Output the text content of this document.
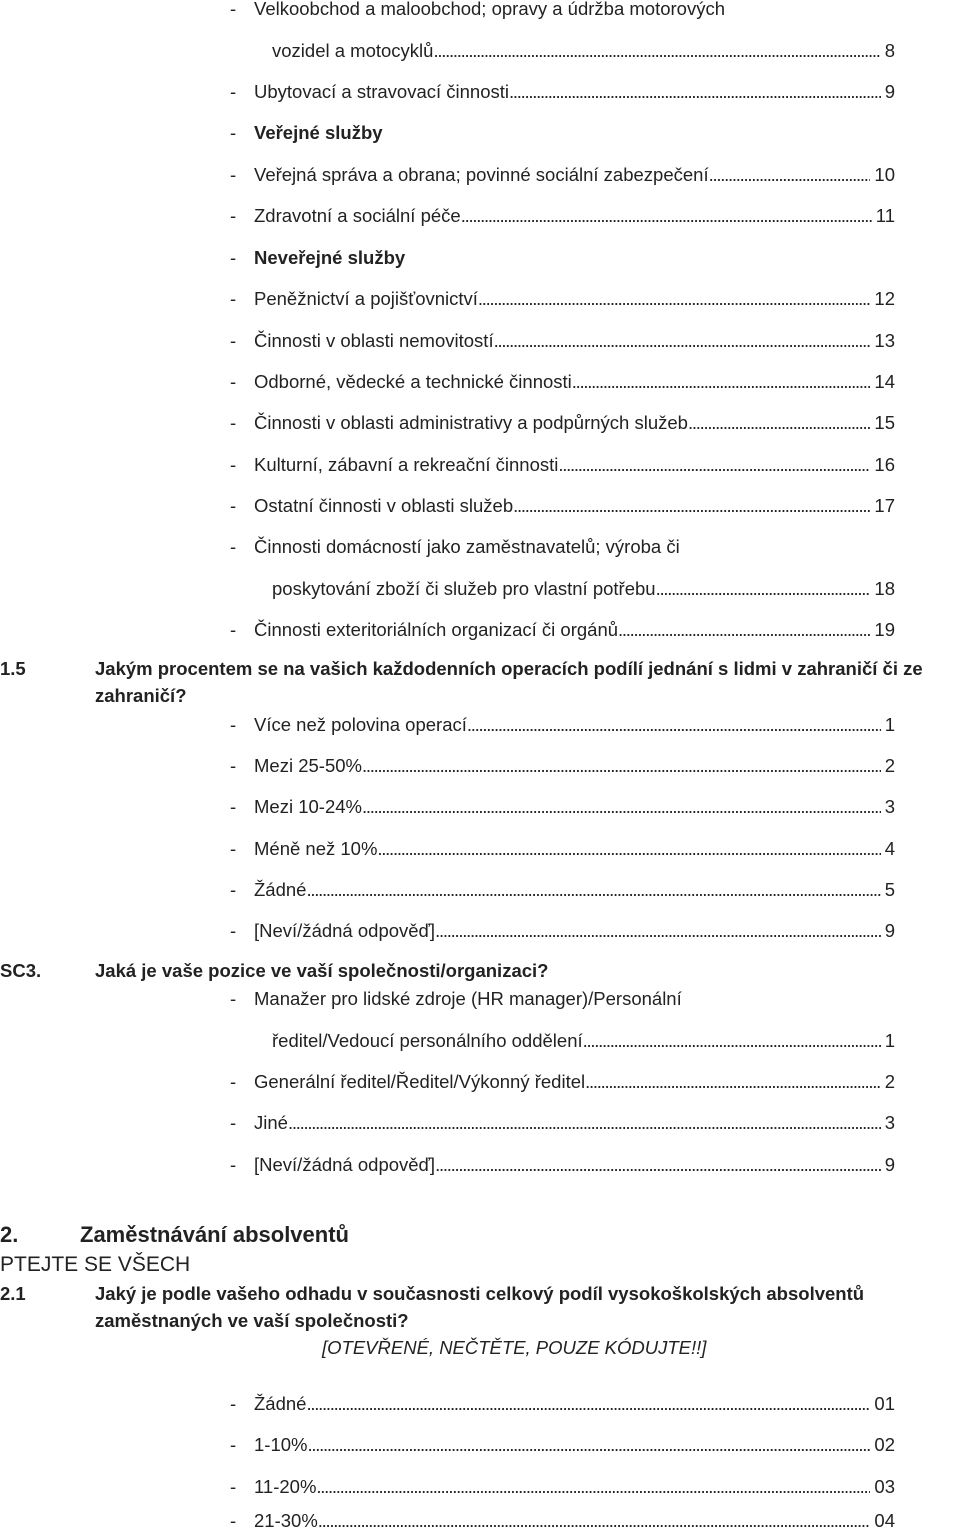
- Velkoobchod a maloobchod; opravy a údržba motorových
vozidel a motocyklů . . .	8
- Ubytovací a stravovací činnosti . . .	9
- Veřejné služby
- Veřejná správa a obrana; povinné sociální zabezpečení . . .	10
- Zdravotní a sociální péče . . .	11
- Neveřejné služby
- Peněžnictví a pojišťovnictví . . .	12
- Činnosti v oblasti nemovitostí . . .	13
- Odborné, vědecké a technické činnosti . . .	14
- Činnosti v oblasti administrativy a podpůrných služeb . . .	15
- Kulturní, zábavní a rekreační činnosti . . .	16
- Ostatní činnosti v oblasti služeb . . .	17
- Činnosti domácností jako zaměstnavatelů; výroba či
poskytování zboží či služeb pro vlastní potřebu . . .	18
- Činnosti exteritoriálních organizací či orgánů . . .	19
1.5	Jakým procentem se na vašich každodenních operacích podílí jednání s lidmi v zahraničí či ze
zahraničí?
- Více než polovina operací . . .	1
- Mezi 25-50% . . .	2
- Mezi 10-24% . . .	3
- Méně než 10% . . .	4
- Žádné . . .	5
- [Neví/žádná odpověď] . . .	9
SC3.	Jaká je vaše pozice ve vaší společnosti/organizaci?
- Manažer pro lidské zdroje (HR manager)/Personální
ředitel/Vedoucí personálního oddělení . . .	1
- Generální ředitel/Ředitel/Výkonný ředitel . . .	2
- Jiné . . .	3
- [Neví/žádná odpověď] . . .	9
2.	Zaměstnávání absolventů
PTEJTE SE VŠECH
2.1	Jaký je podle vašeho odhadu v současnosti celkový podíl vysokoškolských absolventů
zaměstnaných ve vaší společnosti?
[OTEVŘENÉ, NEČTĚTE, POUZE KÓDUJTE!!]
- Žádné . . .	01
- 1-10% . . .	02
- 11-20% . . .	03
- 21-30% . . .	04
